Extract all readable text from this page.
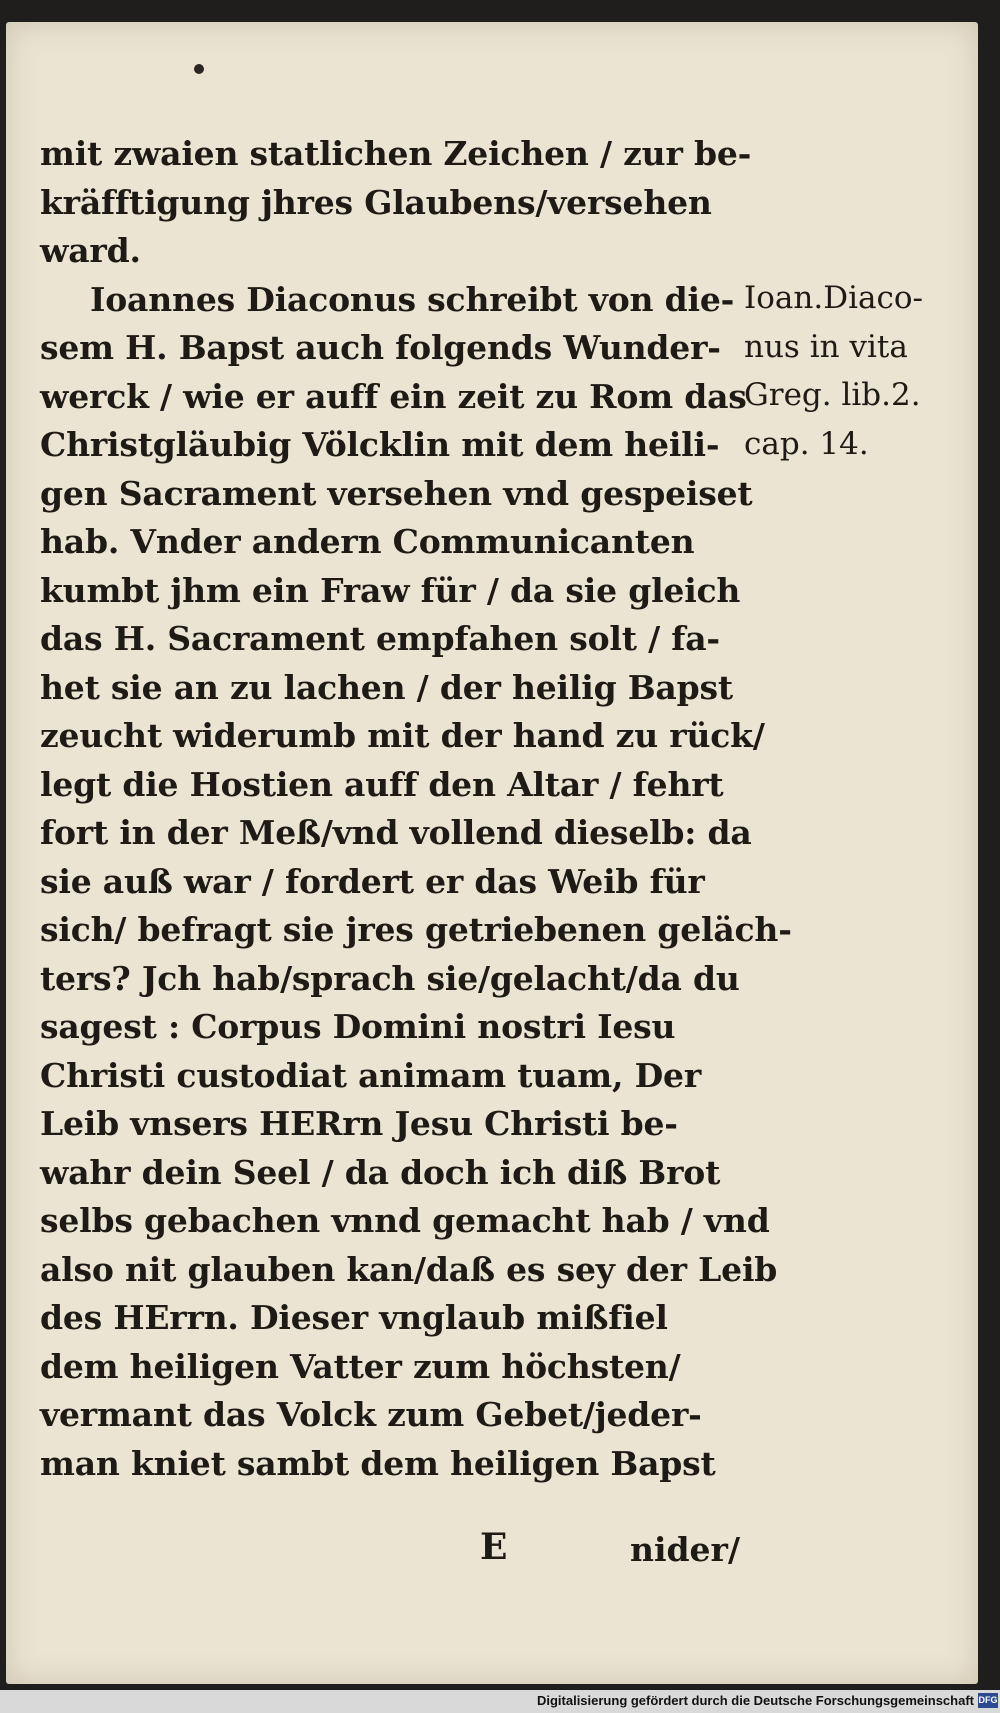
mit zwaien statlichen Zeichen / zur be-
kräfftigung jhres Glaubens/versehen
ward.
Ioannes Diaconus schreibt von die-
sem H. Bapst auch folgends Wunder-
werck / wie er auff ein zeit zu Rom das
Christgläubig Völcklin mit dem heili-
gen Sacrament versehen vnd gespeiset
hab. Vnder andern Communicanten
kumbt jhm ein Fraw für / da sie gleich
das H. Sacrament empfahen solt / fa-
het sie an zu lachen / der heilig Bapst
zeucht widerumb mit der hand zu rück/
legt die Hostien auff den Altar / fehrt
fort in der Meß/vnd vollend dieselb: da
sie auß war / fordert er das Weib für
sich/ befragt sie jres getriebenen geläch-
ters? Jch hab/sprach sie/gelacht/da du
sagest : Corpus Domini nostri Iesu
Christi custodiat animam tuam, Der
Leib vnsers HERrn Jesu Christi be-
wahr dein Seel / da doch ich diß Brot
selbs gebachen vnnd gemacht hab / vnd
also nit glauben kan/daß es sey der Leib
des HErrn. Dieser vnglaub mißfiel
dem heiligen Vatter zum höchsten/
vermant das Volck zum Gebet/jeder-
man kniet sambt dem heiligen Bapst
Ioan.Diaco-
nus in vita
Greg. lib.2.
cap. 14.
E	nider/
Digitalisierung gefördert durch die Deutsche Forschungsgemeinschaft DFG
